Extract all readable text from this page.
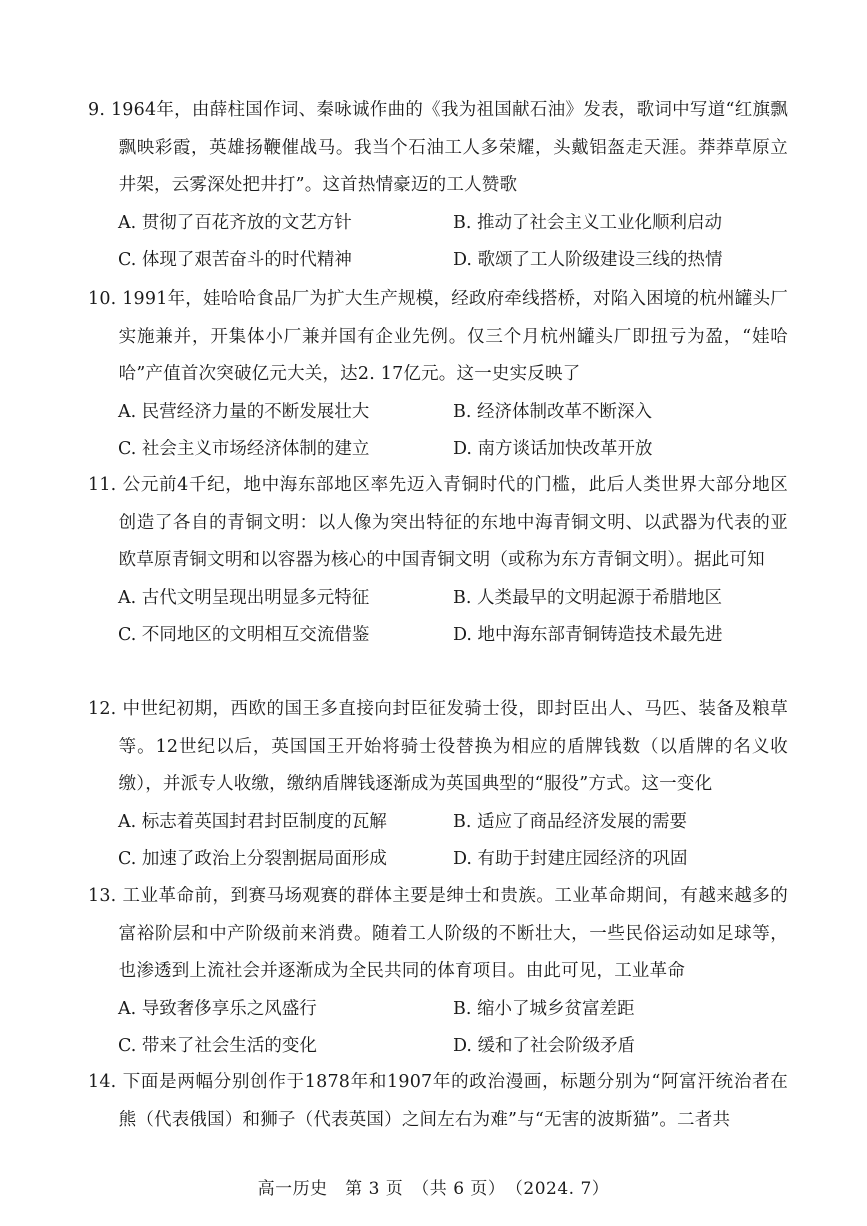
9. 1964年，由薛柱国作词、秦咏诚作曲的《我为祖国献石油》发表，歌词中写道“红旗飘飘映彩霞，英雄扬鞭催战马。我当个石油工人多荣耀，头戴铝盔走天涯。莽莽草原立井架，云雾深处把井打”。这首热情豪迈的工人赞歌
A. 贯彻了百花齐放的文艺方针	B. 推动了社会主义工业化顺利启动
C. 体现了艰苦奋斗的时代精神	D. 歌颂了工人阶级建设三线的热情
10. 1991年，娃哈哈食品厂为扩大生产规模，经政府牵线搭桥，对陷入困境的杭州罐头厂实施兼并，开集体小厂兼并国有企业先例。仅三个月杭州罐头厂即扭亏为盈，“娃哈哈”产值首次突破亿元大关，达2. 17亿元。这一史实反映了
A. 民营经济力量的不断发展壮大	B. 经济体制改革不断深入
C. 社会主义市场经济体制的建立	D. 南方谈话加快改革开放
11. 公元前4千纪，地中海东部地区率先迈入青铜时代的门槛，此后人类世界大部分地区创造了各自的青铜文明：以人像为突出特征的东地中海青铜文明、以武器为代表的亚欧草原青铜文明和以容器为核心的中国青铜文明（或称为东方青铜文明）。据此可知
A. 古代文明呈现出明显多元特征	B. 人类最早的文明起源于希腊地区
C. 不同地区的文明相互交流借鉴	D. 地中海东部青铜铸造技术最先进
12. 中世纪初期，西欧的国王多直接向封臣征发骑士役，即封臣出人、马匹、装备及粮草等。12世纪以后，英国国王开始将骑士役替换为相应的盾牌钱数（以盾牌的名义收缴），并派专人收缴，缴纳盾牌钱逐渐成为英国典型的“服役”方式。这一变化
A. 标志着英国封君封臣制度的瓦解	B. 适应了商品经济发展的需要
C. 加速了政治上分裂割据局面形成	D. 有助于封建庄园经济的巩固
13. 工业革命前，到赛马场观赛的群体主要是绅士和贵族。工业革命期间，有越来越多的富裕阶层和中产阶级前来消费。随着工人阶级的不断壮大，一些民俗运动如足球等，也渗透到上流社会并逐渐成为全民共同的体育项目。由此可见，工业革命
A. 导致奢侈享乐之风盛行	B. 缩小了城乡贫富差距
C. 带来了社会生活的变化	D. 缓和了社会阶级矛盾
14. 下面是两幅分别创作于1878年和1907年的政治漫画，标题分别为“阿富汗统治者在熊（代表俄国）和狮子（代表英国）之间左右为难”与“无害的波斯猫”。二者共
高一历史　第 3 页　（共 6 页）　（2024. 7）
